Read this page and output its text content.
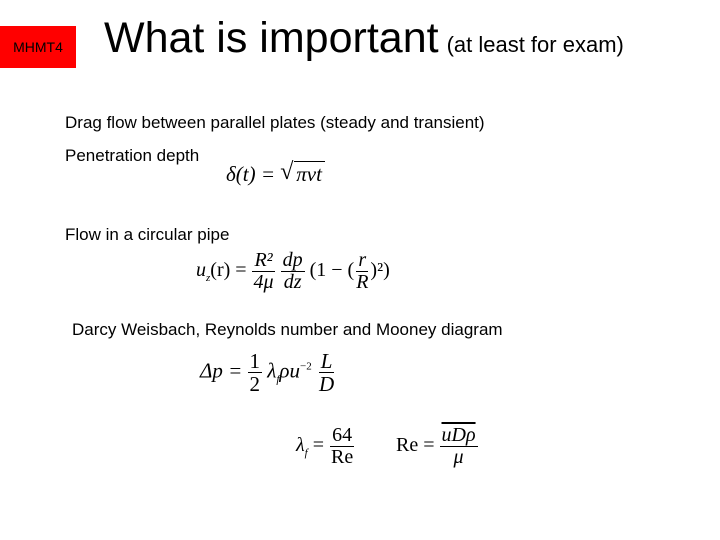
MHMT4 What is important (at least for exam)
Drag flow between parallel plates (steady and transient)
Penetration depth
Flow in a circular pipe
Darcy Weisbach, Reynolds number and Mooney diagram
δ(t) = √ πνt
$u_z(r) = \frac{\text{R²}}{4\mu}$
$\frac{dp}{dz} (1$ − ( $\frac{r}{R} )^2$)
$\Delta p = \frac{1}{2} \lambda_f\rho u^{-2} \frac{L}{D}$
$\lambda_f = \frac{64}{Re}$ $Re = \frac{\overline{uD\rho}}{\mu}$
